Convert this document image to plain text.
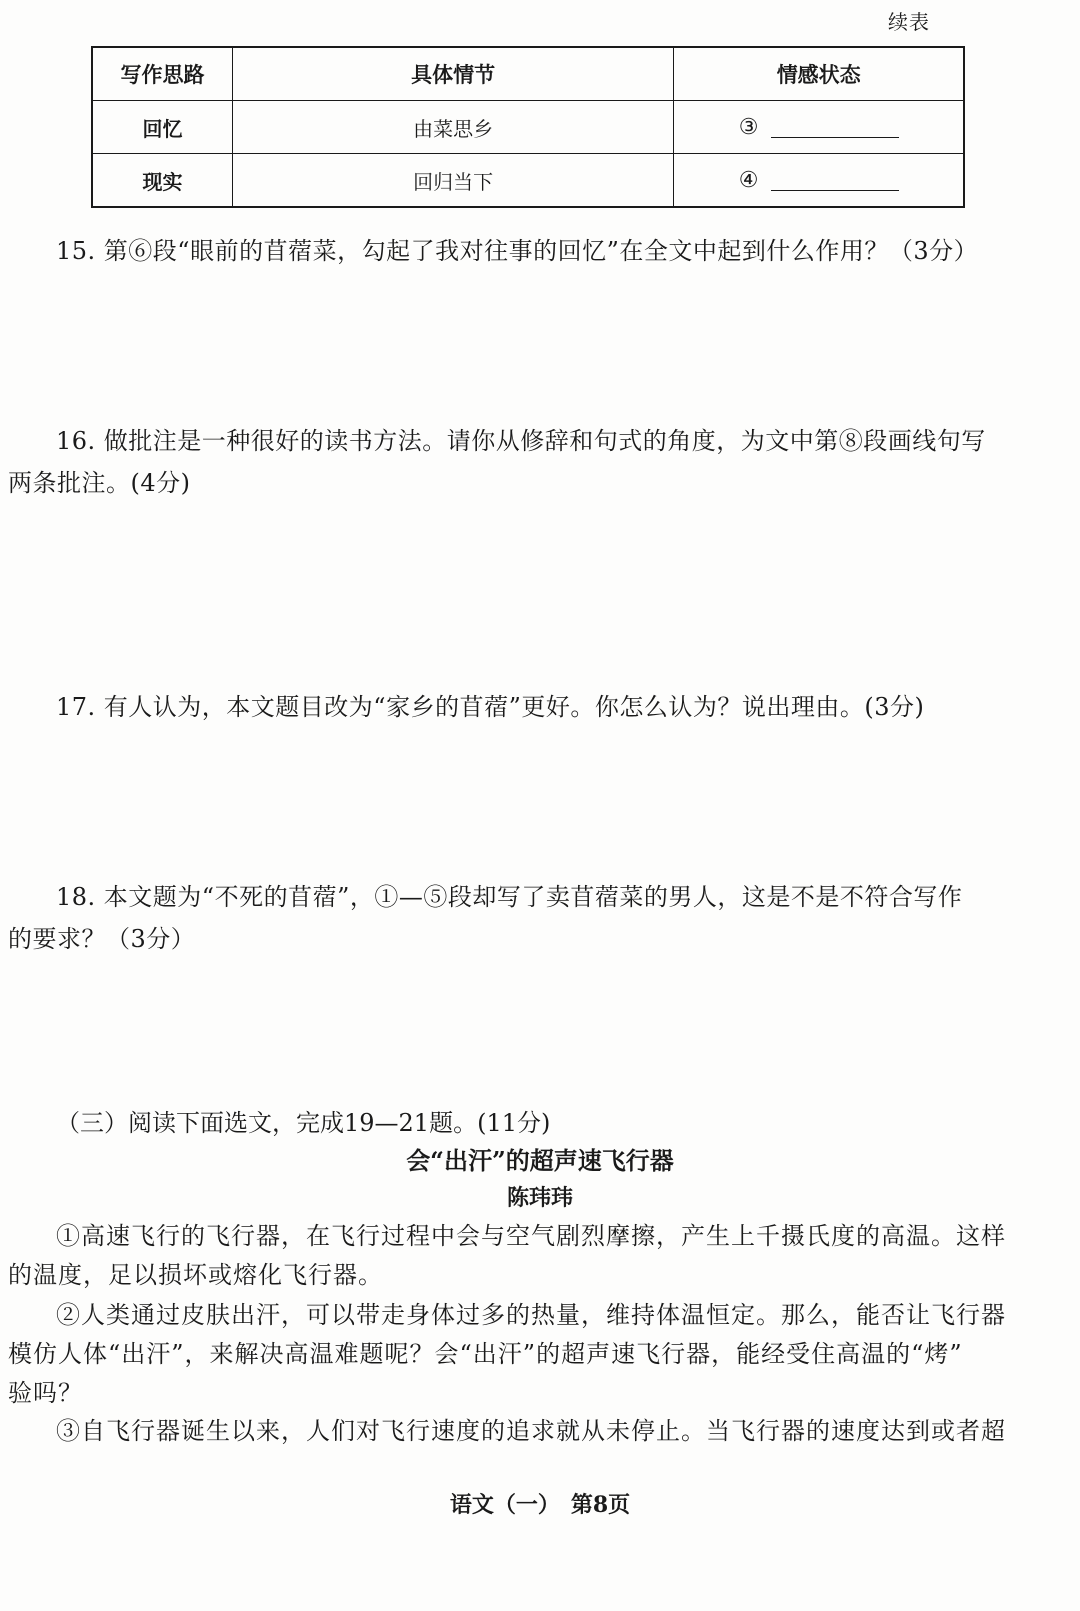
续表
写作思路	具体情节	情感状态
回忆	由菜思乡	③
现实	回归当下	④
15. 第⑥段“眼前的苜蓿菜，勾起了我对往事的回忆”在全文中起到什么作用？（3分）
16. 做批注是一种很好的读书方法。请你从修辞和句式的角度，为文中第⑧段画线句写
两条批注。(4分)
17. 有人认为，本文题目改为“家乡的苜蓿”更好。你怎么认为？说出理由。(3分)
18. 本文题为“不死的苜蓿”，①—⑤段却写了卖苜蓿菜的男人，这是不是不符合写作
的要求？（3分）
（三）阅读下面选文，完成19—21题。(11分)
会“出汗”的超声速飞行器
陈玮玮
①高速飞行的飞行器，在飞行过程中会与空气剧烈摩擦，产生上千摄氏度的高温。这样
的温度，足以损坏或熔化飞行器。
②人类通过皮肤出汗，可以带走身体过多的热量，维持体温恒定。那么，能否让飞行器
模仿人体“出汗”，来解决高温难题呢？会“出汗”的超声速飞行器，能经受住高温的“烤”
验吗？
③自飞行器诞生以来，人们对飞行速度的追求就从未停止。当飞行器的速度达到或者超
语文（一）　第8页
